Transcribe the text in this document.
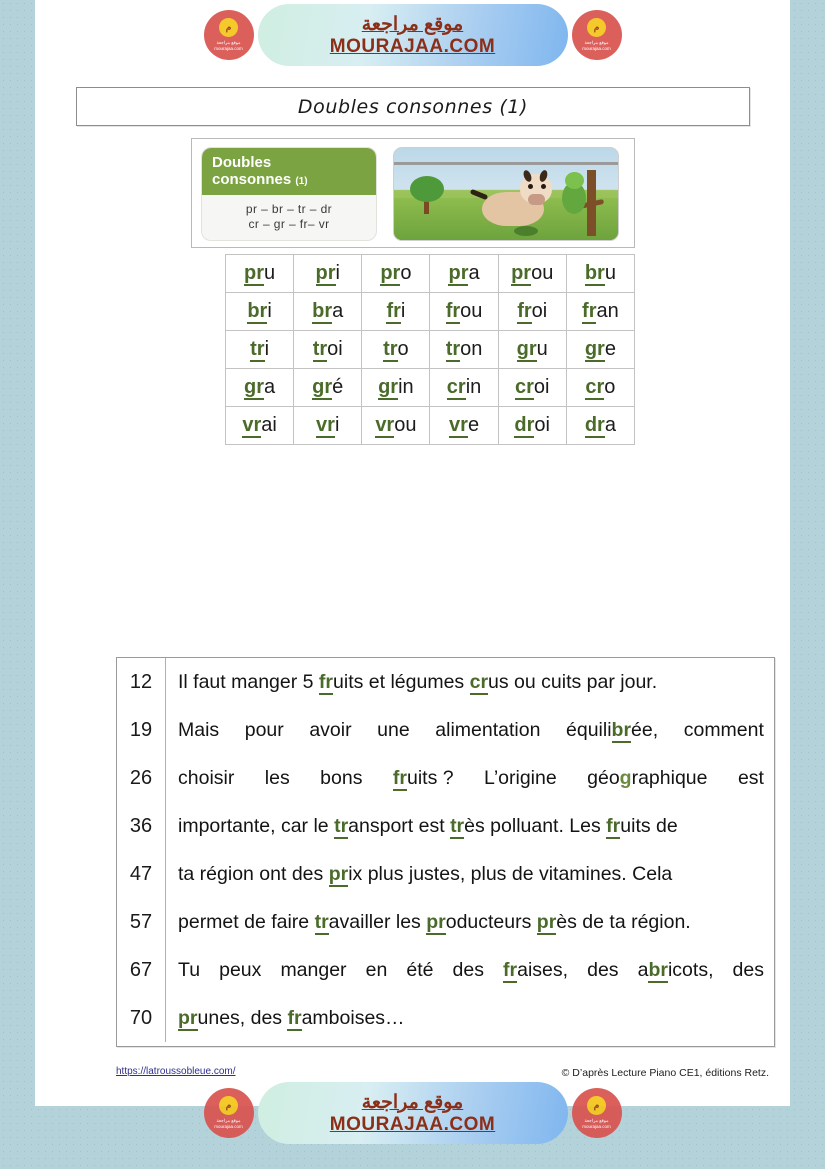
Doubles consonnes (1)
Doubles
consonnes (1)
pr – br – tr – dr
cr – gr – fr– vr
pru	pri	pro	pra	prou	bru
bri	bra	fri	frou	froi	fran
tri	troi	tro	tron	gru	gre
gra	gré	grin	crin	croi	cro
vrai	vri	vrou	vre	droi	dra

12	Il faut manger 5 fruits et légumes crus ou cuits par jour.
19	Mais pour avoir une alimentation équilibrée, comment
26	choisir les bons fruits ? L’origine géographique est
36	importante, car le transport est très polluant. Les fruits de
47	ta région ont des prix plus justes, plus de vitamines. Cela
57	permet de faire travailler les producteurs près de ta région.
67	Tu peux manger en été des fraises, des abricots, des
70	prunes, des framboises…
https://latroussobleue.com/	© D’après Lecture Piano CE1, éditions Retz.
م
موقع مراجعة mourajaa.com
موقع مراجعة
MOURAJAA.COM
م
موقع مراجعة mourajaa.com
م
موقع مراجعة mourajaa.com
موقع مراجعة
MOURAJAA.COM
م
موقع مراجعة mourajaa.com
